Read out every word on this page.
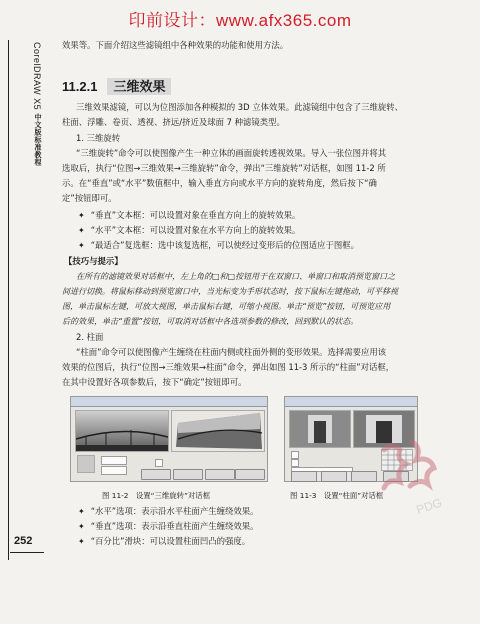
印前设计：www.afx365.com
CorelDRAW X5 中文版标准教程
效果等。下面介绍这些滤镜组中各种效果的功能和使用方法。
11.2.1 三维效果
三维效果滤镜，可以为位图添加各种模拟的 3D 立体效果。此滤镜组中包含了三维旋转、
柱面、浮雕、卷页、透视、挤远/挤近及球面 7 种滤镜类型。
1. 三维旋转
“三维旋转”命令可以使图像产生一种立体的画面旋转透视效果。导入一张位图并将其
选取后，执行“位图→三维效果→三维旋转”命令，弹出“三维旋转”对话框，如图 11-2 所
示。在“垂直”或“水平”数值框中，输入垂直方向或水平方向的旋转角度，然后按下“确
定”按钮即可。
✦ “垂直”文本框：可以设置对象在垂直方向上的旋转效果。
✦ “水平”文本框：可以设置对象在水平方向上的旋转效果。
✦ “最适合”复选框：选中该复选框，可以使经过变形后的位图适应于图框。
【技巧与提示】
在所有的滤镜效果对话框中，左上角的□和□按钮用于在双窗口、单窗口和取消预览窗口之
间进行切换。将鼠标移动到预览窗口中，当光标变为手形状态时，按下鼠标左键拖动，可平移视
图，单击鼠标左键，可放大视图，单击鼠标右键，可缩小视图。单击“预览”按钮，可预览应用
后的效果，单击“重置”按钮，可取消对话框中各选项参数的修改，回到默认的状态。
2. 柱面
“柱面”命令可以使图像产生缠绕在柱面内侧或柱面外侧的变形效果。选择需要应用该
效果的位图后，执行“位图→三维效果→柱面”命令，弹出如图 11-3 所示的“柱面”对话框，
在其中设置好各项参数后，按下“确定”按钮即可。
图 11-2　设置“三维旋转”对话框	图 11-3　设置“柱面”对话框
✦ “水平”选项：表示沿水平柱面产生缠绕效果。
✦ “垂直”选项：表示沿垂直柱面产生缠绕效果。
✦ “百分比”滑块：可以设置柱面凹凸的强度。
252
PDG
